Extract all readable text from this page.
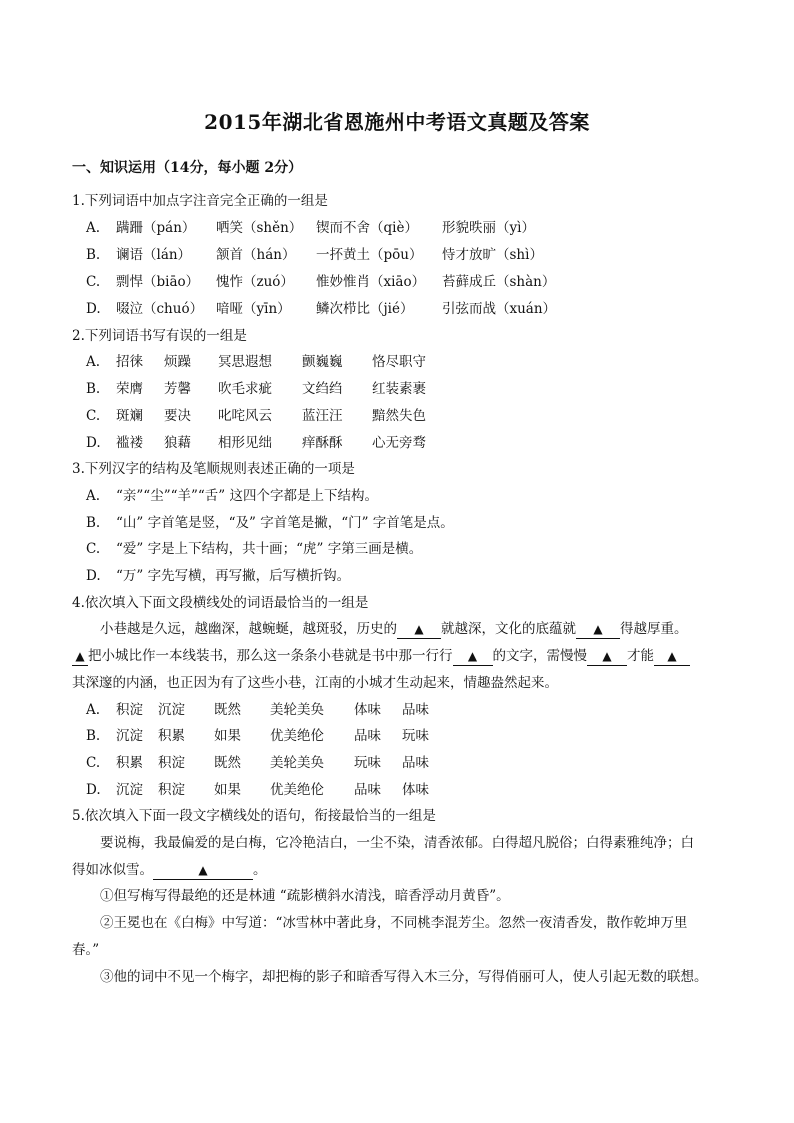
2015年湖北省恩施州中考语文真题及答案
一、知识运用（14分，每小题 2分）
1.下列词语中加点字注音完全正确的一组是
A. 蹒跚（pán） 哂笑（shěn） 锲而不舍（qiè） 形貌昳丽（yì）
B. 谰语（lán） 颔首（hán） 一抔黄土（pōu） 恃才放旷（shì）
C. 剽悍（biāo） 愧怍（zuó） 惟妙惟肖（xiāo） 苔藓成丘（shàn）
D. 啜泣（chuó） 喑哑（yīn） 鳞次栉比（jié） 引弦而战（xuán）
2.下列词语书写有误的一组是
A. 招徕 烦躁 冥思遐想 颤巍巍 恪尽职守
B. 荣膺 芳馨 吹毛求疵 文绉绉 红装素裹
C. 斑斓 要决 叱咤风云 蓝汪汪 黯然失色
D. 褴褛 狼藉 相形见绌 痒酥酥 心无旁骛
3.下列汉字的结构及笔顺规则表述正确的一项是
A. “亲”“尘”“羊”“舌” 这四个字都是上下结构。
B. “山” 字首笔是竖，“及” 字首笔是撇，“门” 字首笔是点。
C. “爱” 字是上下结构，共十画；“虎” 字第三画是横。
D. “万” 字先写横，再写撇，后写横折钩。
4.依次填入下面文段横线处的词语最恰当的一组是
小巷越是久远，越幽深，越蜿蜒，越斑驳，历史的 ▲ 就越深，文化的底蕴就 ▲ 得越厚重。
▲ 把小城比作一本线装书，那么这一条条小巷就是书中那一行行 ▲ 的文字，需慢慢 ▲ 才能 ▲
其深邃的内涵，也正因为有了这些小巷，江南的小城才生动起来，情趣盎然起来。
A. 积淀 沉淀 既然 美轮美奂 体味 品味
B. 沉淀 积累 如果 优美绝伦 品味 玩味
C. 积累 积淀 既然 美轮美奂 玩味 品味
D. 沉淀 积淀 如果 优美绝伦 品味 体味
5.依次填入下面一段文字横线处的语句，衔接最恰当的一组是
要说梅，我最偏爱的是白梅，它冷艳洁白，一尘不染，清香浓郁。白得超凡脱俗；白得素雅纯净；白
得如冰似雪。	▲	。
①但写梅写得最绝的还是林逋 “疏影横斜水清浅，暗香浮动月黄昏”。
②王冕也在《白梅》中写道：“冰雪林中著此身，不同桃李混芳尘。忽然一夜清香发，散作乾坤万里
春。”
③他的词中不见一个梅字，却把梅的影子和暗香写得入木三分，写得俏丽可人，使人引起无数的联想。
